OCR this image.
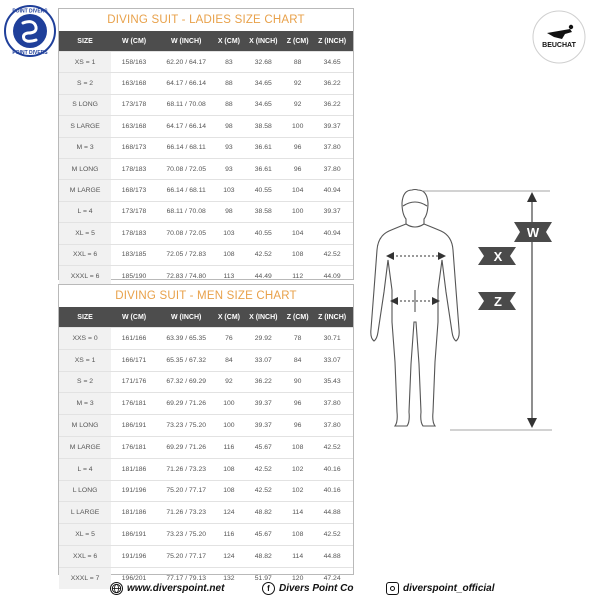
POINT DIVERS
POINT DIVERS
BEUCHAT
DIVING SUIT - LADIES SIZE CHART
SIZE	W (CM)	W (INCH)	X (CM)	X (INCH)	Z (CM)	Z (INCH)
XS = 1	158/163	62.20 / 64.17	83	32.68	88	34.65
S = 2	163/168	64.17 / 66.14	88	34.65	92	36.22
S LONG	173/178	68.11 / 70.08	88	34.65	92	36.22
S LARGE	163/168	64.17 / 66.14	98	38.58	100	39.37
M = 3	168/173	66.14 / 68.11	93	36.61	96	37.80
M LONG	178/183	70.08 / 72.05	93	36.61	96	37.80
M LARGE	168/173	66.14 / 68.11	103	40.55	104	40.94
L = 4	173/178	68.11 / 70.08	98	38.58	100	39.37
XL = 5	178/183	70.08 / 72.05	103	40.55	104	40.94
XXL = 6	183/185	72.05 / 72.83	108	42.52	108	42.52
XXXL = 6	185/190	72.83 / 74.80	113	44.49	112	44.09
DIVING SUIT - MEN SIZE CHART
SIZE	W (CM)	W (INCH)	X (CM)	X (INCH)	Z (CM)	Z (INCH)
XXS = 0	161/166	63.39 / 65.35	76	29.92	78	30.71
XS = 1	166/171	65.35 / 67.32	84	33.07	84	33.07
S = 2	171/176	67.32 / 69.29	92	36.22	90	35.43
M = 3	176/181	69.29 / 71.26	100	39.37	96	37.80
M LONG	186/191	73.23 / 75.20	100	39.37	96	37.80
M LARGE	176/181	69.29 / 71.26	116	45.67	108	42.52
L = 4	181/186	71.26 / 73.23	108	42.52	102	40.16
L LONG	191/196	75.20 / 77.17	108	42.52	102	40.16
L LARGE	181/186	71.26 / 73.23	124	48.82	114	44.88
XL = 5	186/191	73.23 / 75.20	116	45.67	108	42.52
XXL = 6	191/196	75.20 / 77.17	124	48.82	114	44.88
XXXL = 7	196/201	77.17 / 79.13	132	51.97	120	47.24
W
X
Z
www.diverspoint.net	f Divers Point Co	diverspoint_official
